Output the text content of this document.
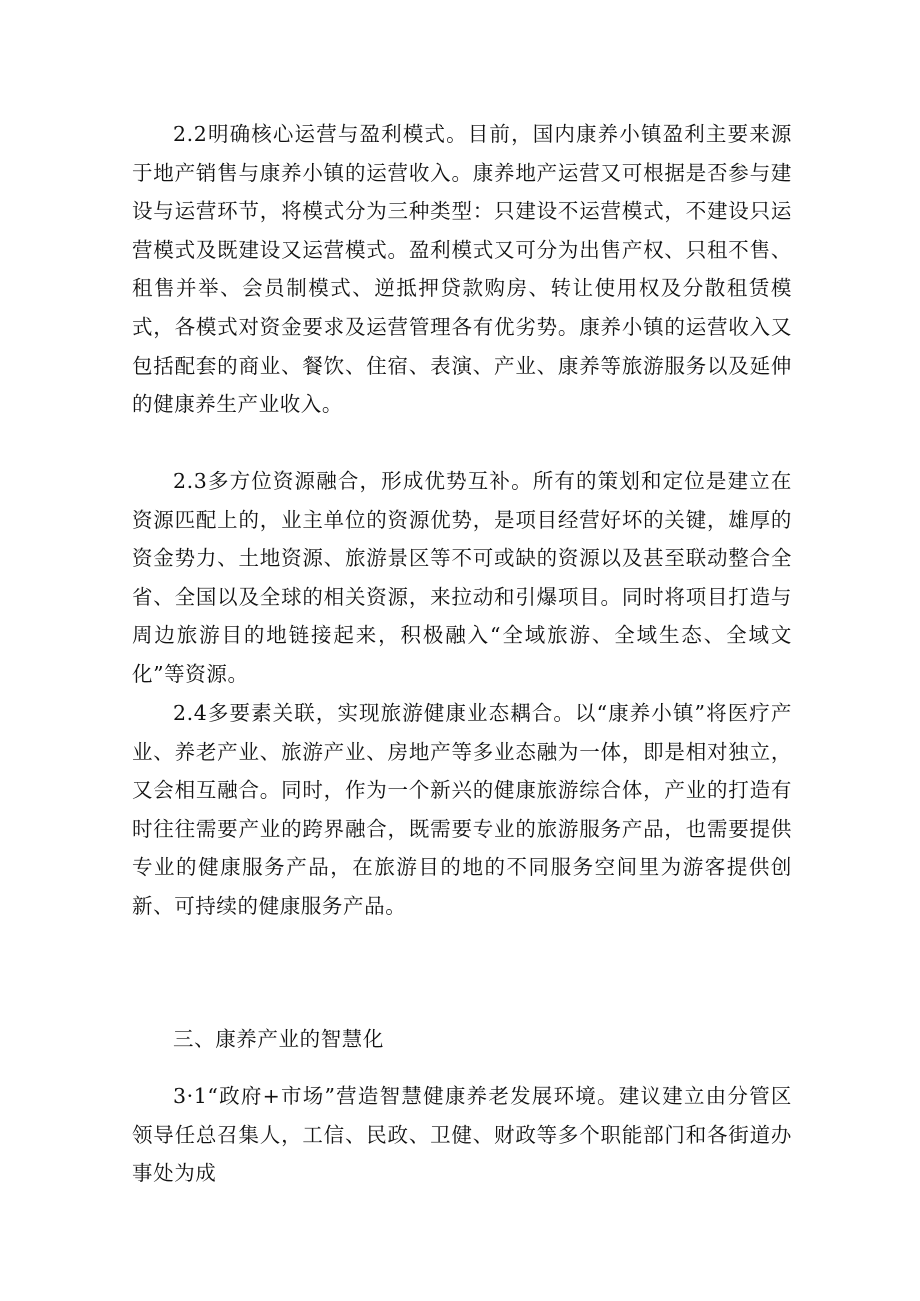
2.2明确核心运营与盈利模式。目前，国内康养小镇盈利主要来源于地产销售与康养小镇的运营收入。康养地产运营又可根据是否参与建设与运营环节，将模式分为三种类型：只建设不运营模式，不建设只运营模式及既建设又运营模式。盈利模式又可分为出售产权、只租不售、租售并举、会员制模式、逆抵押贷款购房、转让使用权及分散租赁模式，各模式对资金要求及运营管理各有优劣势。康养小镇的运营收入又包括配套的商业、餐饮、住宿、表演、产业、康养等旅游服务以及延伸的健康养生产业收入。

2.3多方位资源融合，形成优势互补。所有的策划和定位是建立在资源匹配上的，业主单位的资源优势，是项目经营好坏的关键，雄厚的资金势力、土地资源、旅游景区等不可或缺的资源以及甚至联动整合全省、全国以及全球的相关资源，来拉动和引爆项目。同时将项目打造与周边旅游目的地链接起来，积极融入“全域旅游、全域生态、全域文化”等资源。

2.4多要素关联，实现旅游健康业态耦合。以“康养小镇”将医疗产业、养老产业、旅游产业、房地产等多业态融为一体，即是相对独立，又会相互融合。同时，作为一个新兴的健康旅游综合体，产业的打造有时往往需要产业的跨界融合，既需要专业的旅游服务产品，也需要提供专业的健康服务产品，在旅游目的地的不同服务空间里为游客提供创新、可持续的健康服务产品。

三、康养产业的智慧化

3·1“政府+市场”营造智慧健康养老发展环境。建议建立由分管区领导任总召集人，工信、民政、卫健、财政等多个职能部门和各街道办事处为成
